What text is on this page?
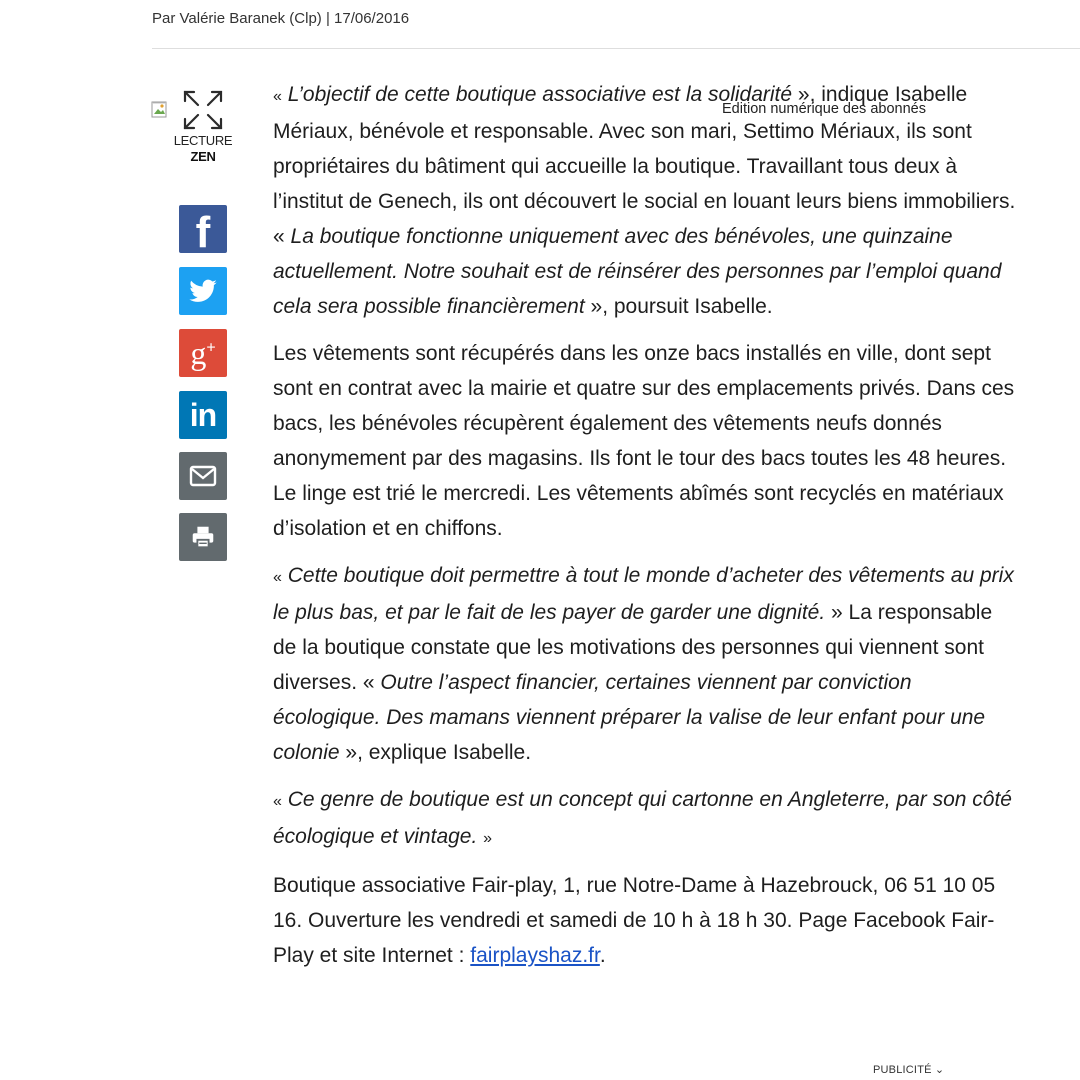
Par Valérie Baranek (Clp) | 17/06/2016
LECTURE
ZEN
f
g+
in

« L’objectif de cette boutique associative est la solidarité », indique Isabelle Mériaux, bénévole et responsable. Avec son mari, Settimo Mériaux, ils sont propriétaires du bâtiment qui accueille la boutique. Travaillant tous deux à l’institut de Genech, ils ont découvert le social en louant leurs biens immobiliers. « La boutique fonctionne uniquement avec des bénévoles, une quinzaine actuellement. Notre souhait est de réinsérer des personnes par l’emploi quand cela sera possible financièrement », poursuit Isabelle.

Les vêtements sont récupérés dans les onze bacs installés en ville, dont sept sont en contrat avec la mairie et quatre sur des emplacements privés. Dans ces bacs, les bénévoles récupèrent également des vêtements neufs donnés anonymement par des magasins. Ils font le tour des bacs toutes les 48 heures. Le linge est trié le mercredi. Les vêtements abîmés sont recyclés en matériaux d’isolation et en chiffons.

« Cette boutique doit permettre à tout le monde d’acheter des vêtements au prix le plus bas, et par le fait de les payer de garder une dignité. » La responsable de la boutique constate que les motivations des personnes qui viennent sont diverses. « Outre l’aspect financier, certaines viennent par conviction écologique. Des mamans viennent préparer la valise de leur enfant pour une colonie », explique Isabelle.

« Ce genre de boutique est un concept qui cartonne en Angleterre, par son côté écologique et vintage. »

Boutique associative Fair-play, 1, rue Notre-Dame à Hazebrouck, 06 51 10 05 16. Ouverture les vendredi et samedi de 10 h à 18 h 30. Page Facebook Fair-Play et site Internet : fairplayshaz.fr.

Edition numérique des abonnés
PUBLICITÉ ⌄
